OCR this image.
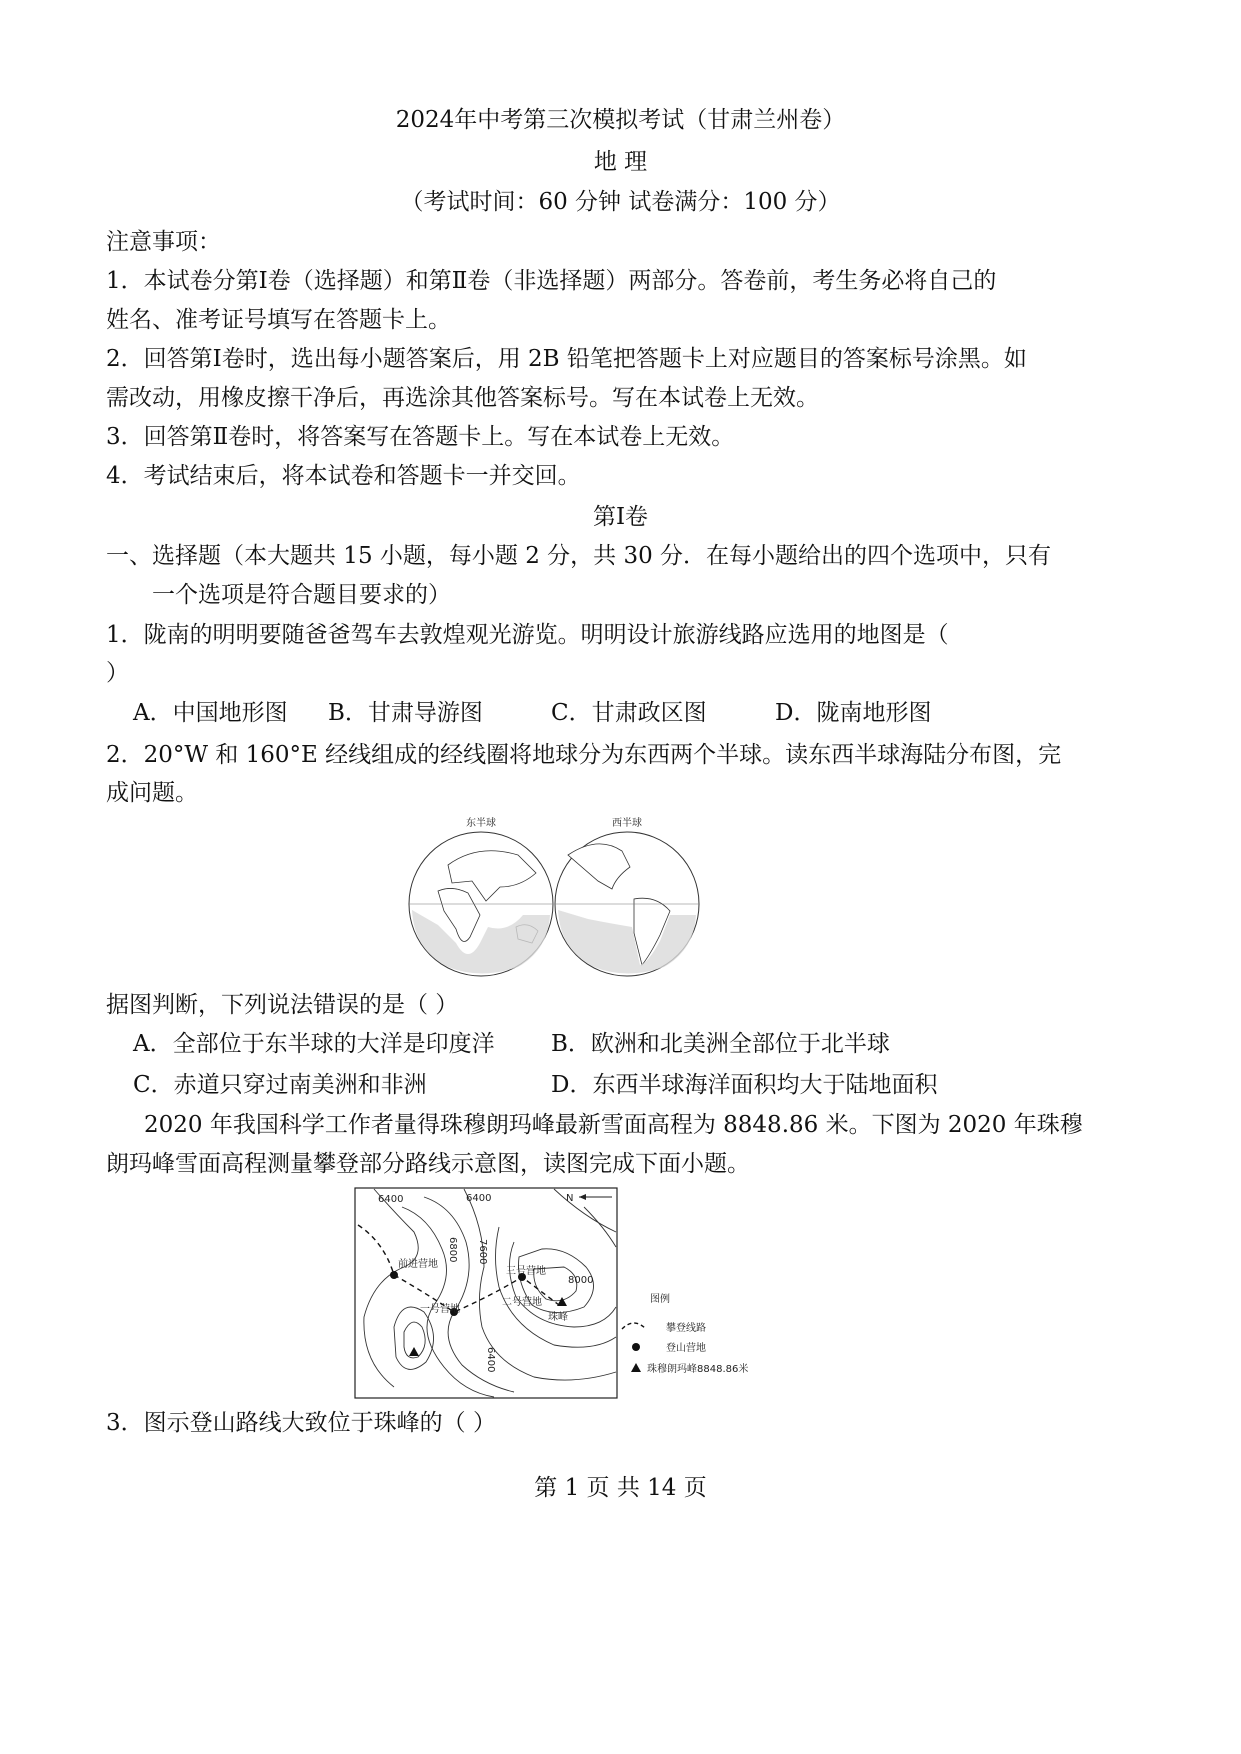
2024年中考第三次模拟考试（甘肃兰州卷）
地 理
（考试时间：60 分钟 试卷满分：100 分）
注意事项：
1．本试卷分第Ⅰ卷（选择题）和第Ⅱ卷（非选择题）两部分。答卷前，考生务必将自己的
姓名、准考证号填写在答题卡上。
2．回答第Ⅰ卷时，选出每小题答案后，用 2B 铅笔把答题卡上对应题目的答案标号涂黑。如
需改动，用橡皮擦干净后，再选涂其他答案标号。写在本试卷上无效。
3．回答第Ⅱ卷时，将答案写在答题卡上。写在本试卷上无效。
4．考试结束后，将本试卷和答题卡一并交回。
第Ⅰ卷
一、选择题（本大题共 15 小题，每小题 2 分，共 30 分．在每小题给出的四个选项中，只有
一个选项是符合题目要求的）
1．陇南的明明要随爸爸驾车去敦煌观光游览。明明设计旅游线路应选用的地图是（
）
A．中国地形图 B．甘肃导游图	C．甘肃政区图	D．陇南地形图
2．20°W 和 160°E 经线组成的经线圈将地球分为东西两个半球。读东西半球海陆分布图，完
成问题。
东半球	西半球
据图判断，下列说法错误的是（ ）
A．全部位于东半球的大洋是印度洋 B．欧洲和北美洲全部位于北半球
C．赤道只穿过南美洲和非洲	D．东西半球海洋面积均大于陆地面积
2020 年我国科学工作者量得珠穆朗玛峰最新雪面高程为 8848.86 米。下图为 2020 年珠穆
朗玛峰雪面高程测量攀登部分路线示意图，读图完成下面小题。
6400	6400
6800 7600
8000
6400
N
前进营地
一号营地
三号营地
二号营地
珠峰
图例
攀登线路
登山营地
珠穆朗玛峰8848.86米
3．图示登山路线大致位于珠峰的（ ）
第 1 页 共 14 页
